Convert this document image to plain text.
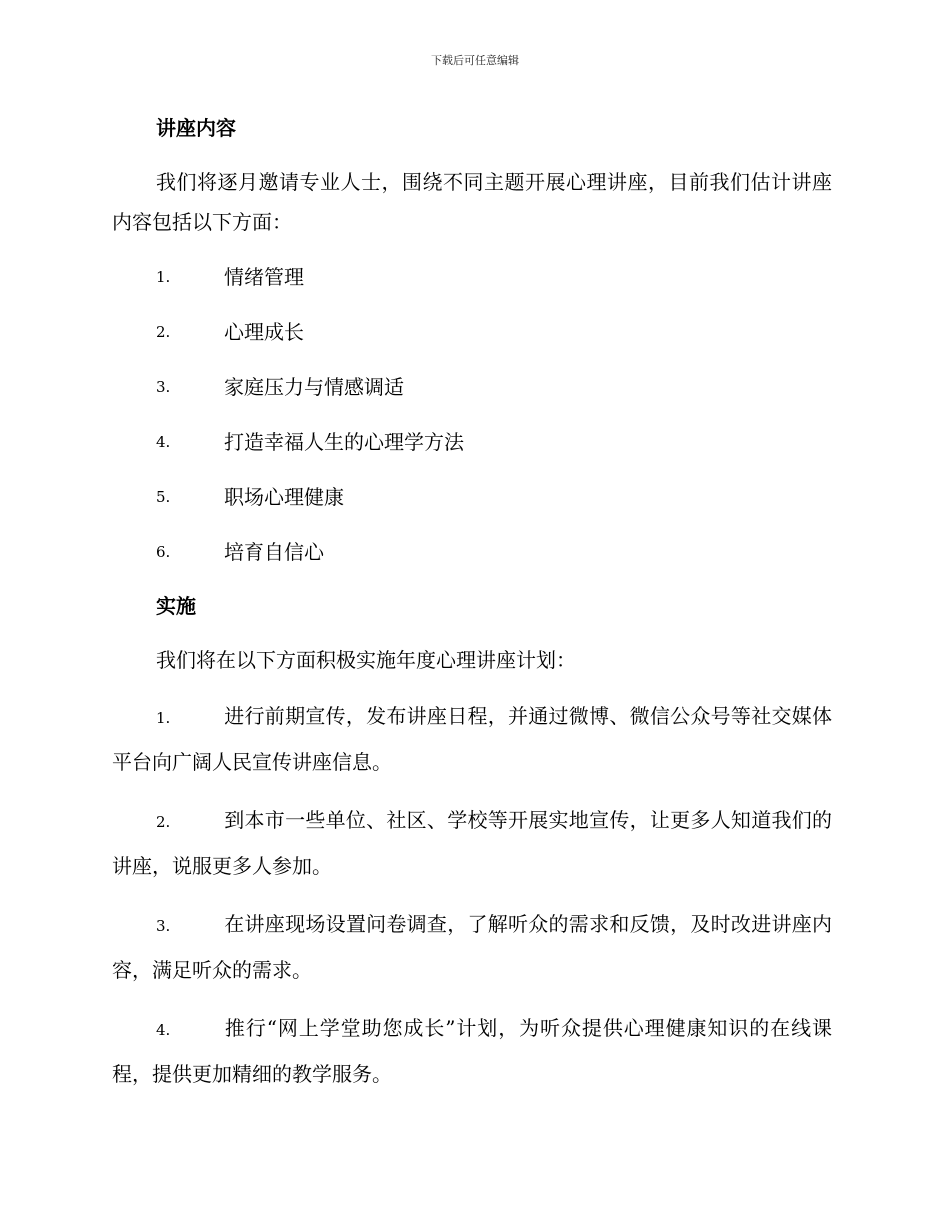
下载后可任意编辑
讲座内容

我们将逐月邀请专业人士，围绕不同主题开展心理讲座，目前我们估计讲座内容包括以下方面：

1.	情绪管理

2.	心理成长

3.	家庭压力与情感调适

4.	打造幸福人生的心理学方法

5.	职场心理健康

6.	培育自信心

实施

我们将在以下方面积极实施年度心理讲座计划：

1.	进行前期宣传，发布讲座日程，并通过微博、微信公众号等社交媒体平台向广阔人民宣传讲座信息。

2.	到本市一些单位、社区、学校等开展实地宣传，让更多人知道我们的讲座，说服更多人参加。

3.	在讲座现场设置问卷调查，了解听众的需求和反馈，及时改进讲座内容，满足听众的需求。

4.	推行“网上学堂助您成长”计划，为听众提供心理健康知识的在线课程，提供更加精细的教学服务。
